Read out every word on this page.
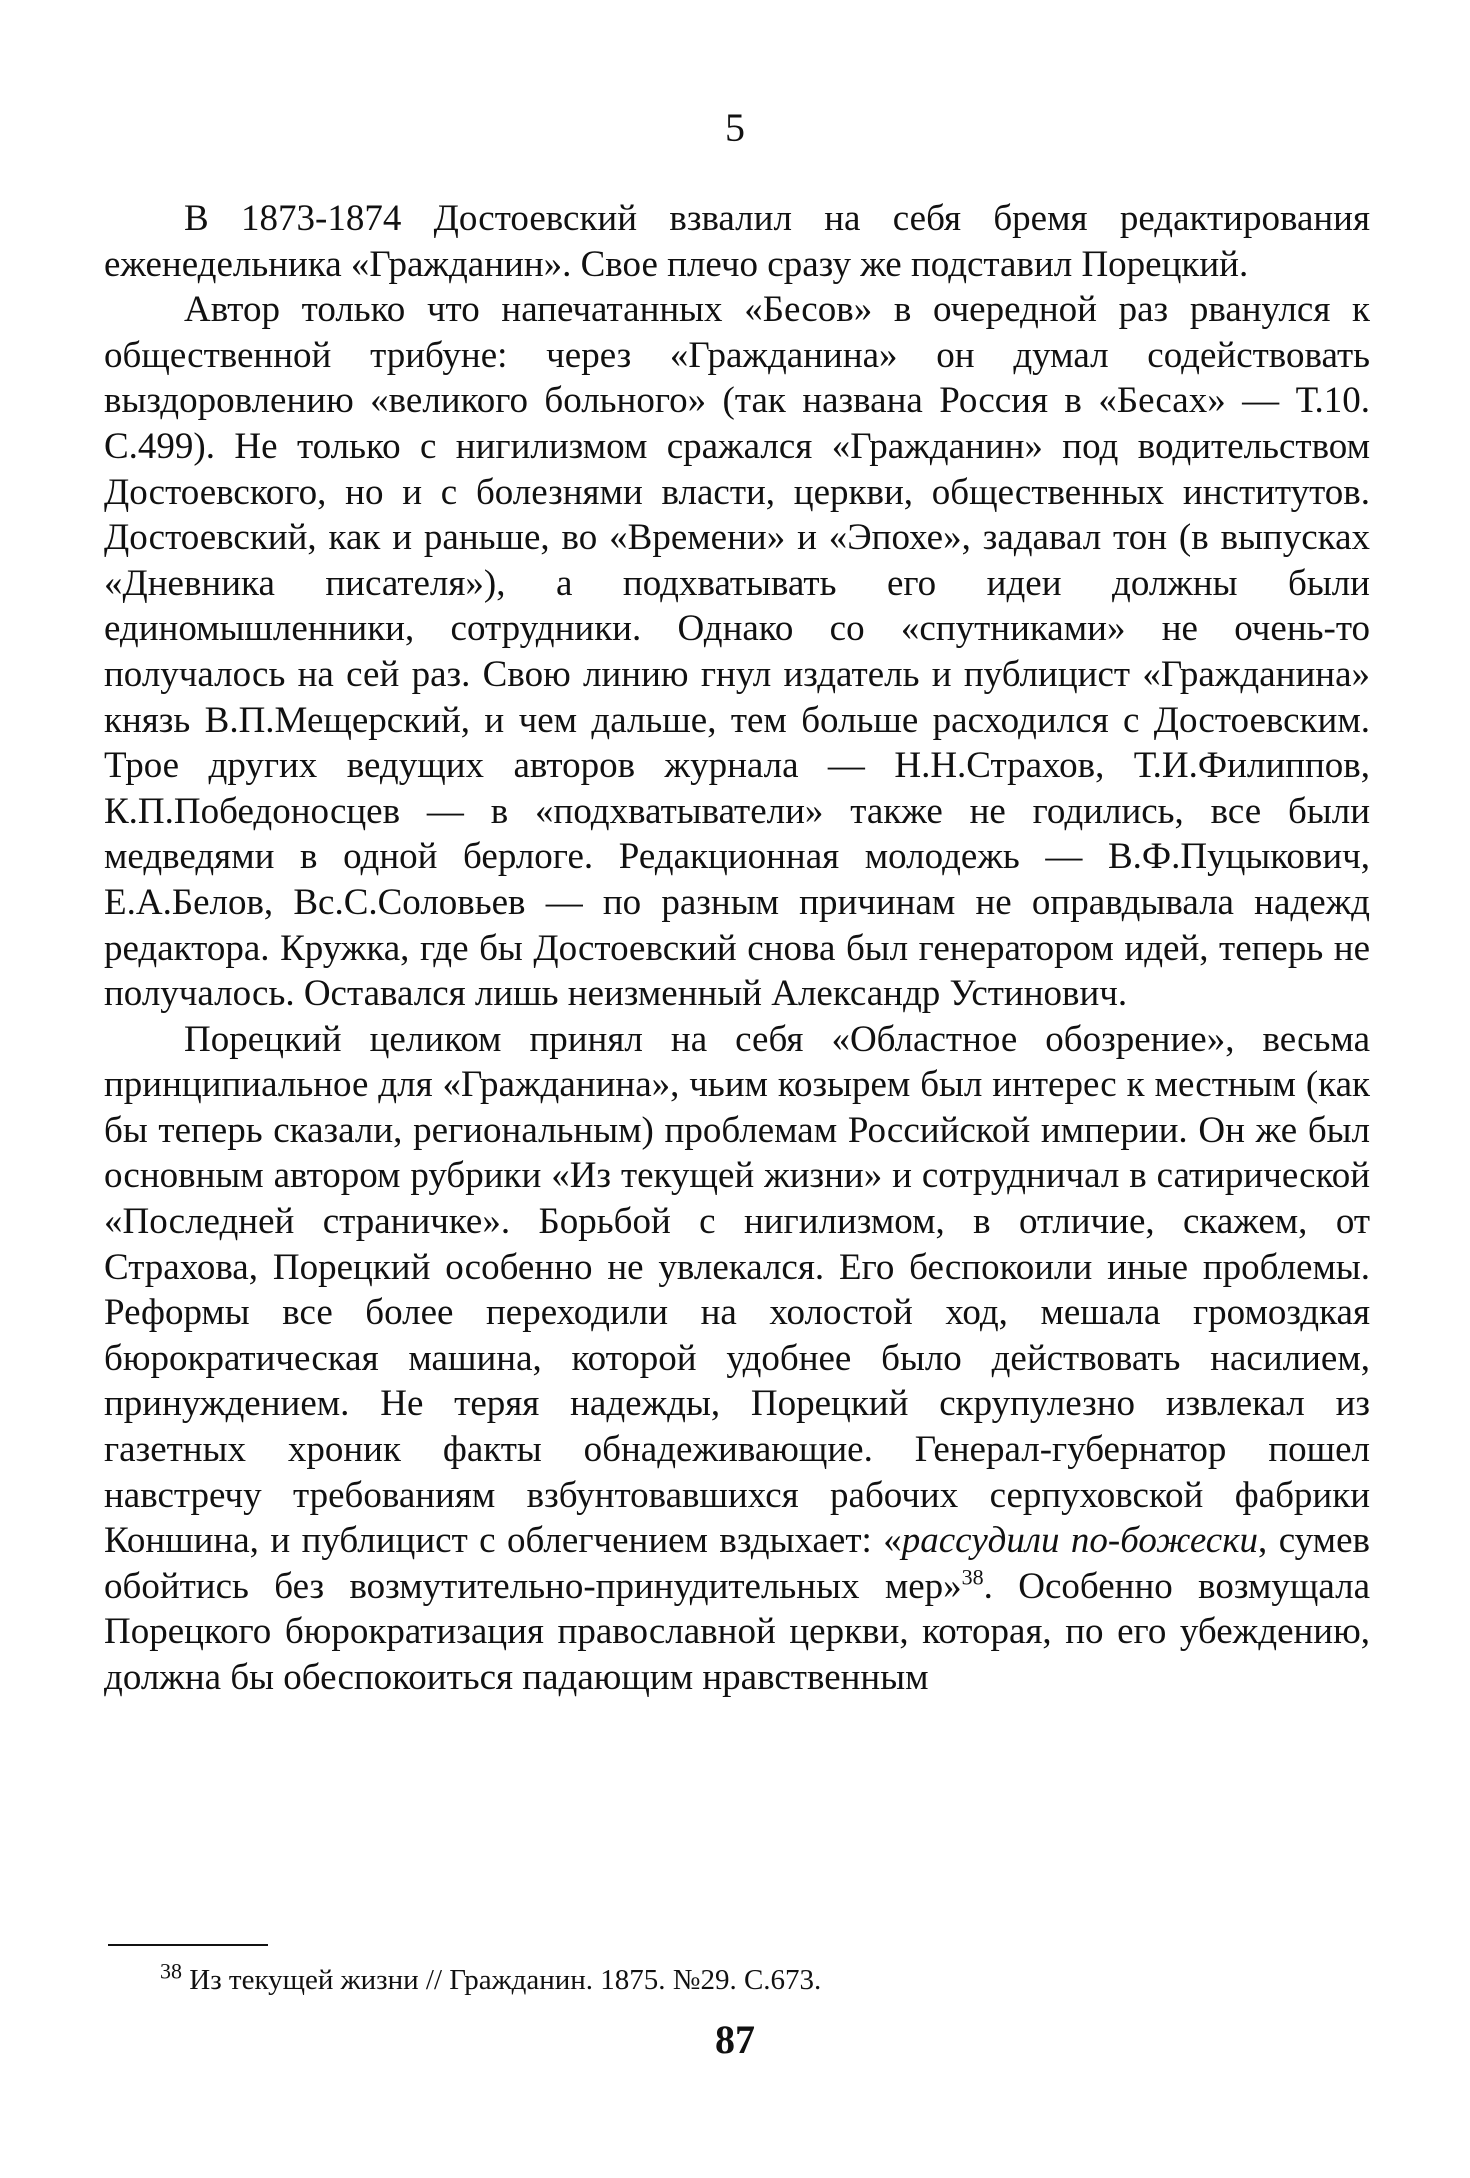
5

В 1873-1874 Достоевский взвалил на себя бремя редактирования еженедельника «Гражданин». Свое плечо сразу же подставил Порецкий.

Автор только что напечатанных «Бесов» в очередной раз рванулся к общественной трибуне: через «Гражданина» он думал содействовать выздоровлению «великого больного» (так названа Россия в «Бесах» — Т.10. С.499). Не только с нигилизмом сражался «Гражданин» под водительством Достоевского, но и с болезнями власти, церкви, общественных институтов. Достоевский, как и раньше, во «Времени» и «Эпохе», задавал тон (в выпусках «Дневника писателя»), а подхватывать его идеи должны были единомышленники, сотрудники. Однако со «спутниками» не очень-то получалось на сей раз. Свою линию гнул издатель и публицист «Гражданина» князь В.П.Мещерский, и чем дальше, тем больше расходился с Достоевским. Трое других ведущих авторов журнала — Н.Н.Страхов, Т.И.Филиппов, К.П.Победоносцев — в «подхватыватели» также не годились, все были медведями в одной берлоге. Редакционная молодежь — В.Ф.Пуцыкович, Е.А.Белов, Вс.С.Соловьев — по разным причинам не оправдывала надежд редактора. Кружка, где бы Достоевский снова был генератором идей, теперь не получалось. Оставался лишь неизменный Александр Устинович.

Порецкий целиком принял на себя «Областное обозрение», весьма принципиальное для «Гражданина», чьим козырем был интерес к местным (как бы теперь сказали, региональным) проблемам Российской империи. Он же был основным автором рубрики «Из текущей жизни» и сотрудничал в сатирической «Последней страничке». Борьбой с нигилизмом, в отличие, скажем, от Страхова, Порецкий особенно не увлекался. Его беспокоили иные проблемы. Реформы все более переходили на холостой ход, мешала громоздкая бюрократическая машина, которой удобнее было действовать насилием, принуждением. Не теряя надежды, Порецкий скрупулезно извлекал из газетных хроник факты обнадеживающие. Генерал-губернатор пошел навстречу требованиям взбунтовавшихся рабочих серпуховской фабрики Коншина, и публицист с облегчением вздыхает: «рассудили по-божески, сумев обойтись без возмутительно-принудительных мер»$^{38}$. Особенно возмущала Порецкого бюрократизация православной церкви, которая, по его убеждению, должна бы обеспокоиться падающим нравственным

$^{38}$ Из текущей жизни // Гражданин. 1875. №29. С.673.
87
